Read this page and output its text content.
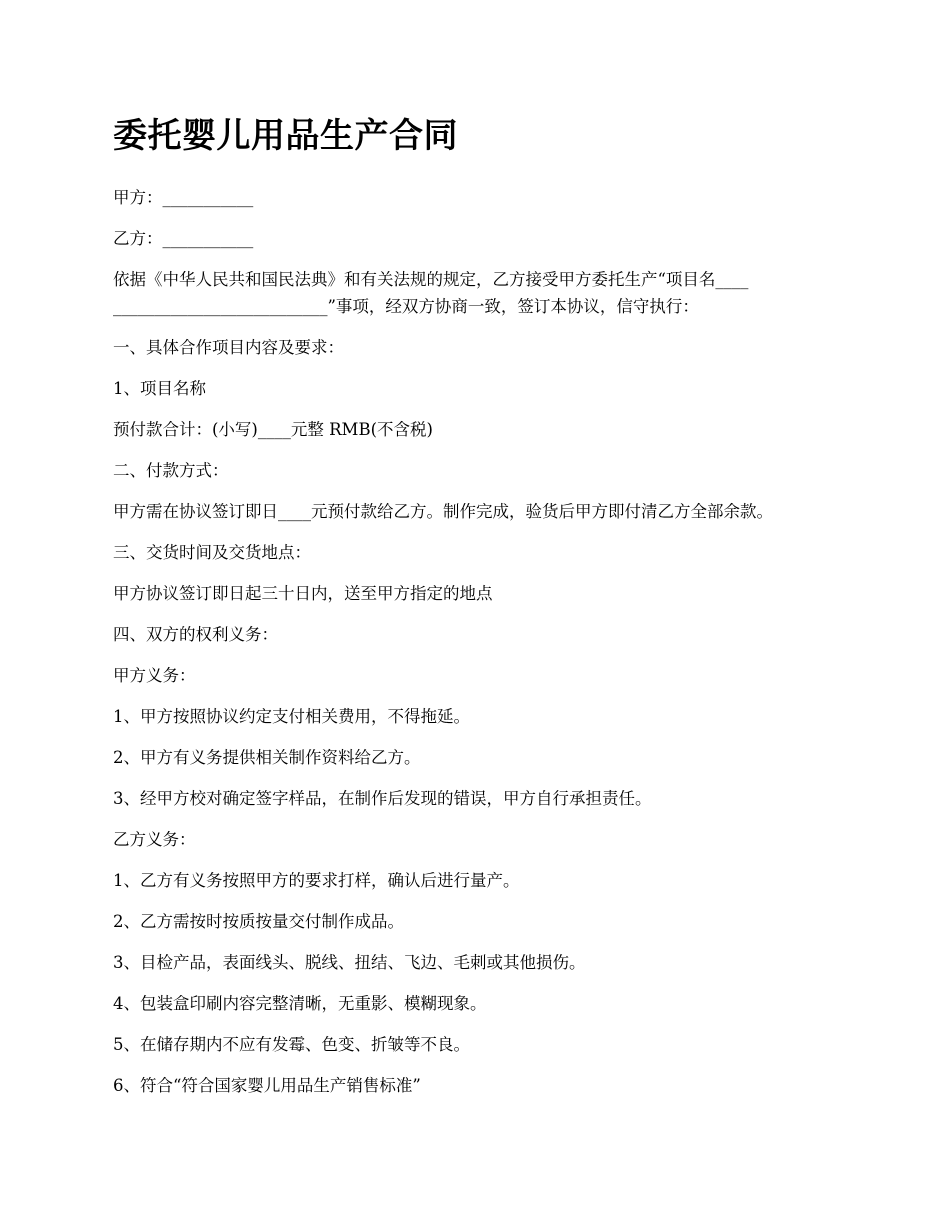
委托婴儿用品生产合同

甲方：___________

乙方：___________

依据《中华人民共和国民法典》和有关法规的规定，乙方接受甲方委托生产“项目名____ __________________________”事项，经双方协商一致，签订本协议，信守执行：

一、具体合作项目内容及要求：

1、项目名称

预付款合计：(小写)____元整 RMB(不含税)

二、付款方式：

甲方需在协议签订即日____元预付款给乙方。制作完成，验货后甲方即付清乙方全部余款。

三、交货时间及交货地点：

甲方协议签订即日起三十日内，送至甲方指定的地点

四、双方的权利义务：

甲方义务：

1、甲方按照协议约定支付相关费用，不得拖延。

2、甲方有义务提供相关制作资料给乙方。

3、经甲方校对确定签字样品，在制作后发现的错误，甲方自行承担责任。

乙方义务：

1、乙方有义务按照甲方的要求打样，确认后进行量产。

2、乙方需按时按质按量交付制作成品。

3、目检产品，表面线头、脱线、扭结、飞边、毛刺或其他损伤。

4、包装盒印刷内容完整清晰，无重影、模糊现象。

5、在储存期内不应有发霉、色变、折皱等不良。

6、符合“符合国家婴儿用品生产销售标准”
